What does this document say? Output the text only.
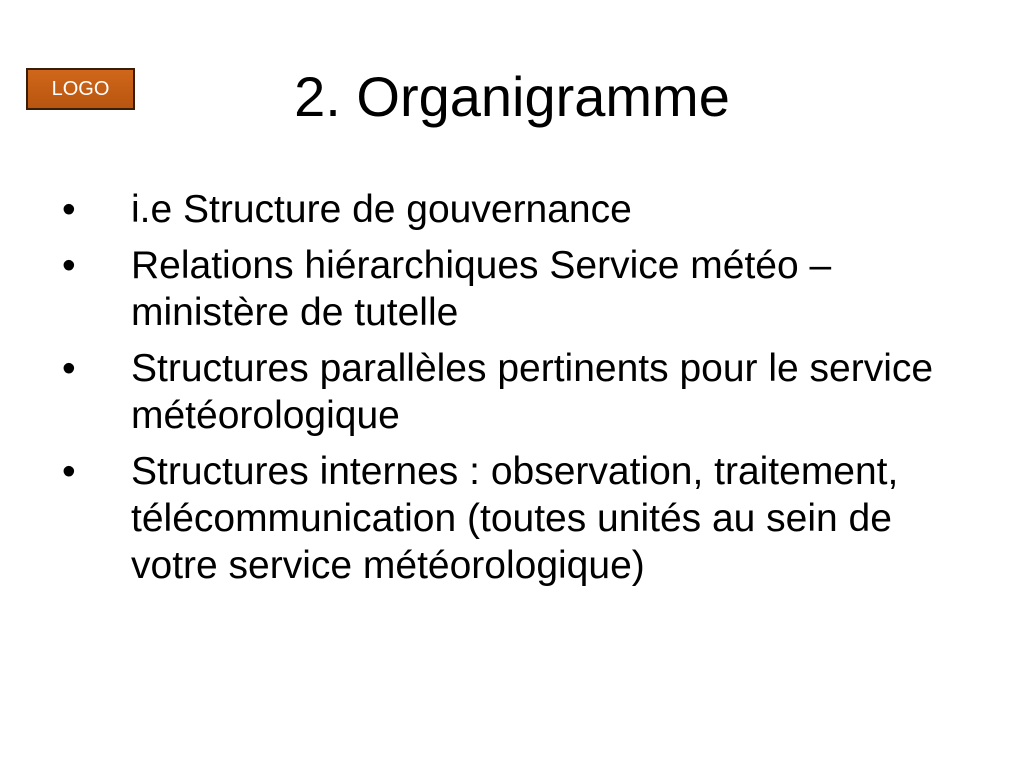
LOGO	2. Organigramme
• i.e Structure de gouvernance
• Relations hiérarchiques Service météo – ministère de tutelle
• Structures parallèles pertinents pour le service météorologique
• Structures internes : observation, traitement, télécommunication (toutes unités au sein de votre service météorologique)
